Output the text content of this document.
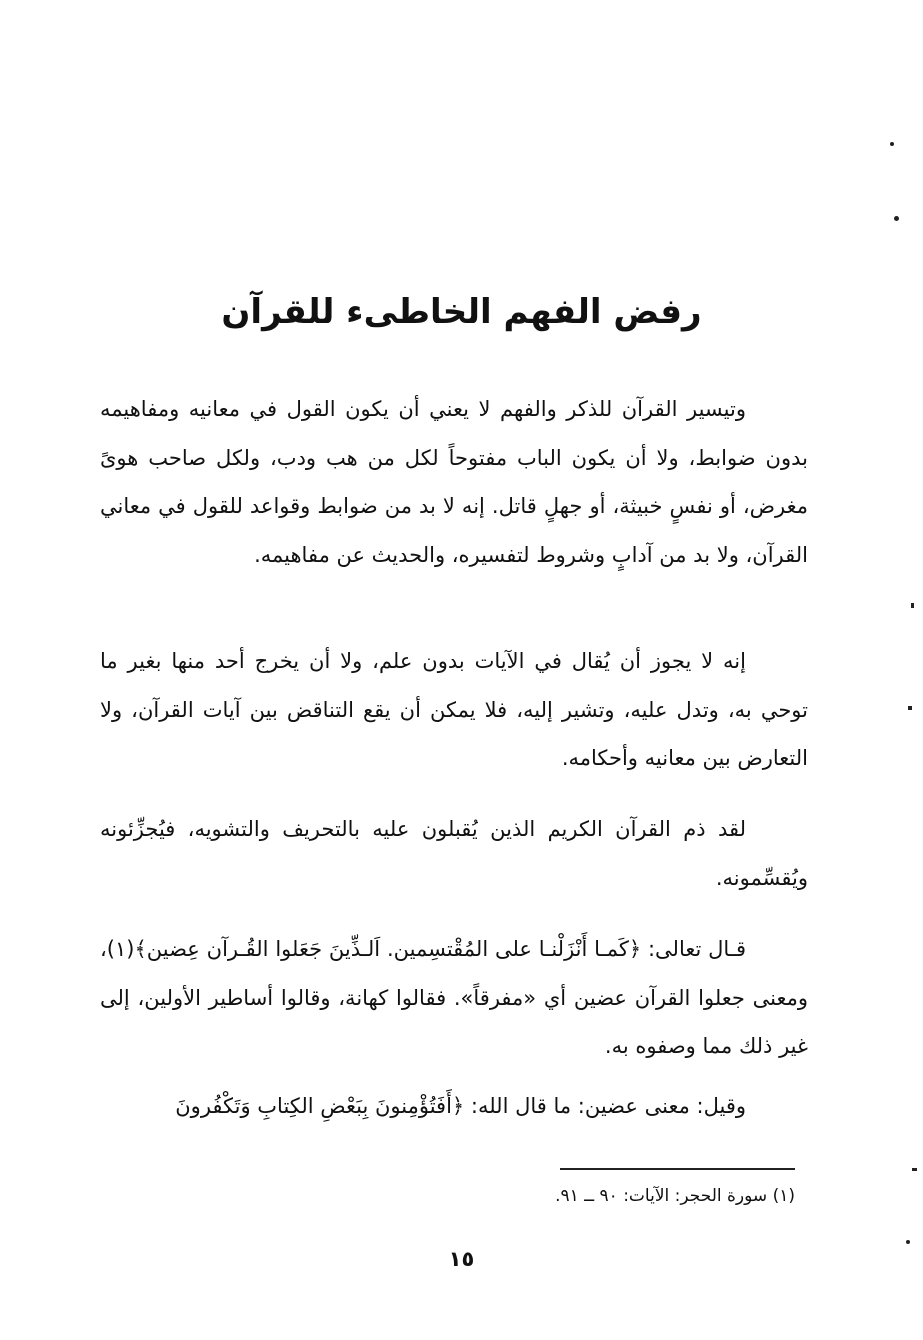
رفض الفهم الخاطىء للقرآن
وتيسير القرآن للذكر والفهم لا يعني أن يكون القول في معانيه ومفاهيمه بدون ضوابط، ولا أن يكون الباب مفتوحاً لكل من هب ودب، ولكل صاحب هوىً مغرض، أو نفسٍ خبيثة، أو جهلٍ قاتل. إنه لا بد من ضوابط وقواعد للقول في معاني القرآن، ولا بد من آدابٍ وشروط لتفسيره، والحديث عن مفاهيمه.
إنه لا يجوز أن يُقال في الآيات بدون علم، ولا أن يخرج أحد منها بغير ما توحي به، وتدل عليه، وتشير إليه، فلا يمكن أن يقع التناقض بين آيات القرآن، ولا التعارض بين معانيه وأحكامه.
لقد ذم القرآن الكريم الذين يُقبلون عليه بالتحريف والتشويه، فيُجزِّئونه ويُقسِّمونه.
قـال تعالى: ﴿كَمـا أَنْزَلْنـا على المُقْتسِمين. اَلـذِّينَ جَعَلوا القُـرآن عِضين﴾(١)، ومعنى جعلوا القرآن عضين أي «مفرقاً». فقالوا كهانة، وقالوا أساطير الأولين، إلى غير ذلك مما وصفوه به.
وقيل: معنى عضين: ما قال الله: ﴿أَفَتُؤْمِنونَ بِبَعْضِ الكِتابِ وَتَكْفُرونَ
(١) سورة الحجر: الآيات: ٩٠ ــ ٩١.
١٥
